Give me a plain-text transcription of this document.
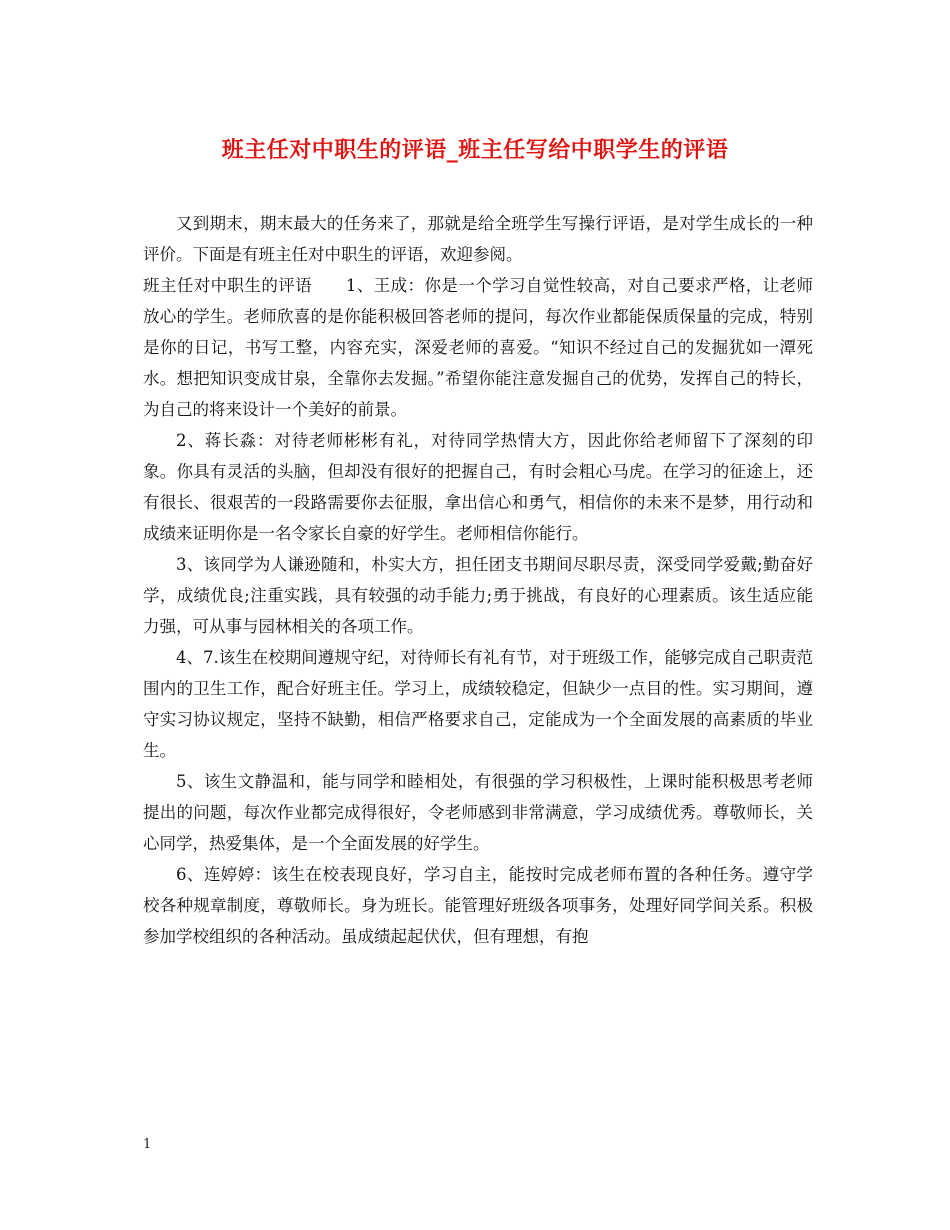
班主任对中职生的评语_班主任写给中职学生的评语

又到期末，期末最大的任务来了，那就是给全班学生写操行评语，是对学生成长的一种评价。下面是有班主任对中职生的评语，欢迎参阅。

班主任对中职生的评语　　1、王成：你是一个学习自觉性较高，对自己要求严格，让老师放心的学生。老师欣喜的是你能积极回答老师的提问，每次作业都能保质保量的完成，特别是你的日记，书写工整，内容充实，深爱老师的喜爱。“知识不经过自己的发掘犹如一潭死水。想把知识变成甘泉，全靠你去发掘。”希望你能注意发掘自己的优势，发挥自己的特长，为自己的将来设计一个美好的前景。

2、蒋长淼：对待老师彬彬有礼，对待同学热情大方，因此你给老师留下了深刻的印象。你具有灵活的头脑，但却没有很好的把握自己，有时会粗心马虎。在学习的征途上，还有很长、很艰苦的一段路需要你去征服，拿出信心和勇气，相信你的未来不是梦，用行动和成绩来证明你是一名令家长自豪的好学生。老师相信你能行。

3、该同学为人谦逊随和，朴实大方，担任团支书期间尽职尽责，深受同学爱戴;勤奋好学，成绩优良;注重实践，具有较强的动手能力;勇于挑战，有良好的心理素质。该生适应能力强，可从事与园林相关的各项工作。

4、7.该生在校期间遵规守纪，对待师长有礼有节，对于班级工作，能够完成自己职责范围内的卫生工作，配合好班主任。学习上，成绩较稳定，但缺少一点目的性。实习期间，遵守实习协议规定，坚持不缺勤，相信严格要求自己，定能成为一个全面发展的高素质的毕业生。

5、该生文静温和，能与同学和睦相处，有很强的学习积极性，上课时能积极思考老师提出的问题，每次作业都完成得很好，令老师感到非常满意，学习成绩优秀。尊敬师长，关心同学，热爱集体，是一个全面发展的好学生。

6、连婷婷：该生在校表现良好，学习自主，能按时完成老师布置的各种任务。遵守学校各种规章制度，尊敬师长。身为班长。能管理好班级各项事务，处理好同学间关系。积极参加学校组织的各种活动。虽成绩起起伏伏，但有理想，有抱

1
